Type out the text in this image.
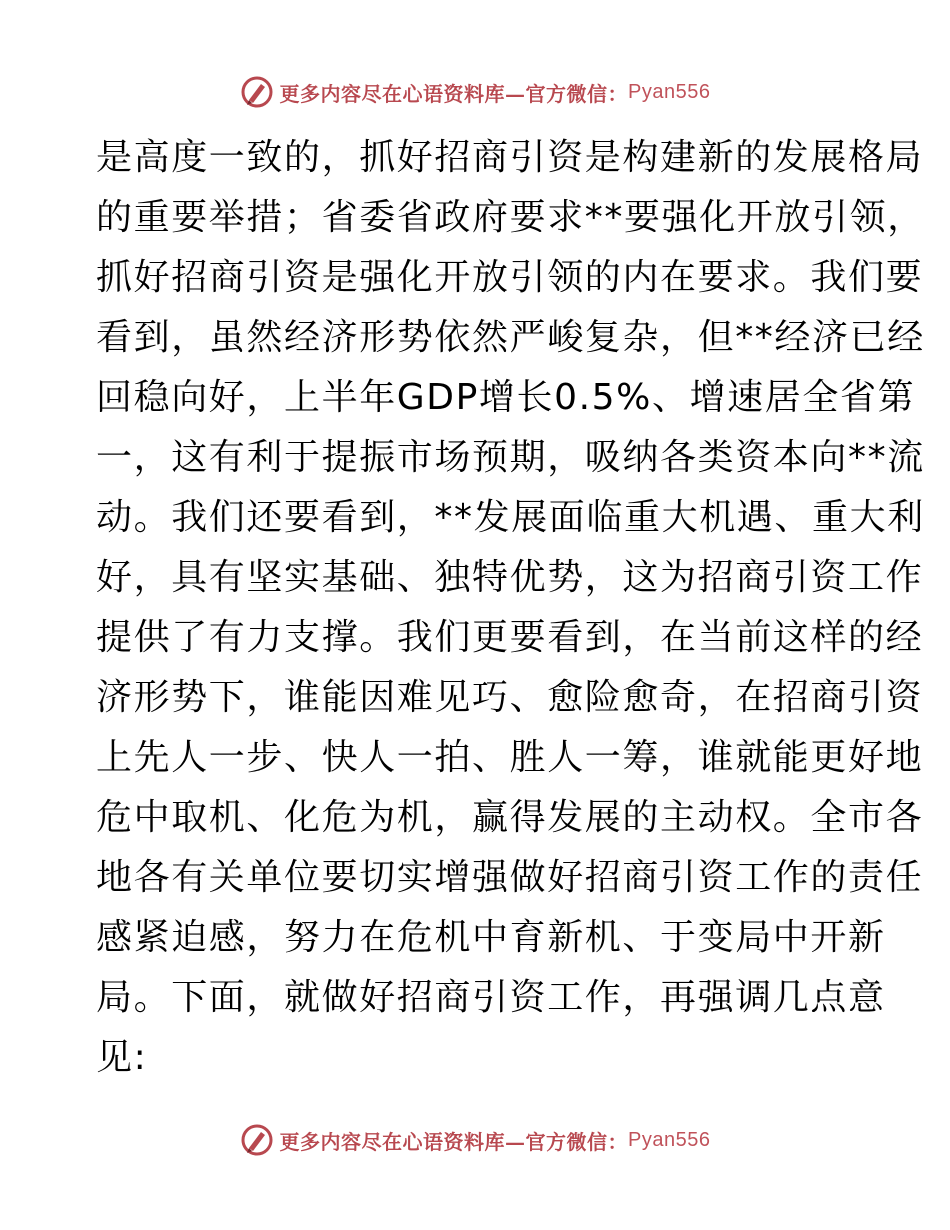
更多内容尽在心语资料库—官方微信： Pyan556
是高度一致的，抓好招商引资是构建新的发展格局
的重要举措；省委省政府要求**要强化开放引领，
抓好招商引资是强化开放引领的内在要求。我们要
看到，虽然经济形势依然严峻复杂，但**经济已经
回稳向好，上半年GDP增长0.5%、增速居全省第
一，这有利于提振市场预期，吸纳各类资本向**流
动。我们还要看到，**发展面临重大机遇、重大利
好，具有坚实基础、独特优势，这为招商引资工作
提供了有力支撑。我们更要看到，在当前这样的经
济形势下，谁能因难见巧、愈险愈奇，在招商引资
上先人一步、快人一拍、胜人一筹，谁就能更好地
危中取机、化危为机，赢得发展的主动权。全市各
地各有关单位要切实增强做好招商引资工作的责任
感紧迫感，努力在危机中育新机、于变局中开新
局。下面，就做好招商引资工作，再强调几点意
见:
更多内容尽在心语资料库—官方微信： Pyan556
